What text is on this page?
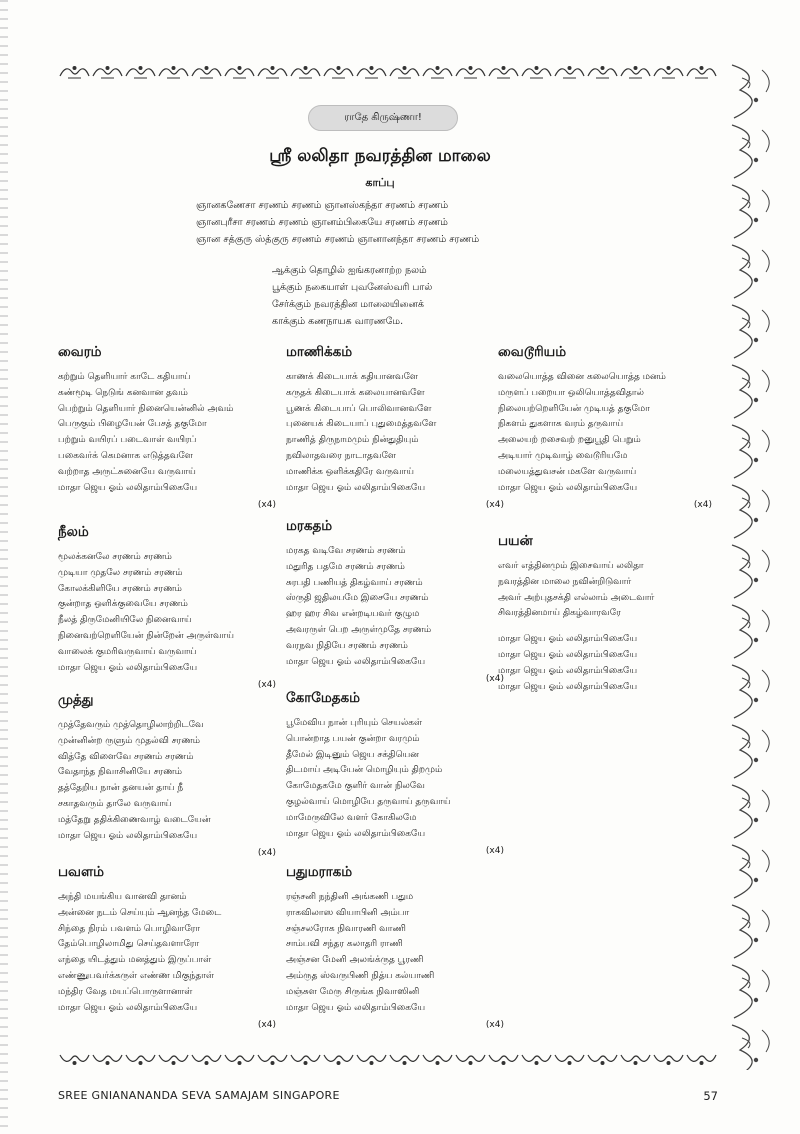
ராதே கிருஷ்ணா!
ஸ்ரீ லலிதா நவரத்தின மாலை
காப்பு
ஞானகணேசா சரணம் சரணம் ஞானஸ்கந்தா சரணம் சரணம்
ஞானபுரீசா சரணம் சரணம் ஞானம்பிகையே சரணம் சரணம்
ஞான சத்குரு ஸ்த்குரு சரணம் சரணம் ஞானானந்தா சரணம் சரணம்
ஆக்கும் தொழில் ஐங்கரனாற்ற நலம்
பூக்கும் நகையாள் புவனேஸ்வரி பால்
சேர்க்கும் நவரத்தின மாலையினைக்
காக்கும் கணநாயக வாரணமே.
வைரம்
கற்றும் தெளியார் காடே கதியாய்
கண்மூடி நெடுங் கனவான தவம்
பெற்றும் தெளியார் நினையென்னில் அவம்
பெருகும் பிழையேன் பேசத் தகுமோ
பற்றும் வயிரப் படைவாள் வயிரப்
பகைவர்க் கெமனாக எடுத்தவளே
வற்றாத அருட்சுனையே வருவாய்
மாதா ஜெய ஓம் லலிதாம்பிகையே
(x4)
நீலம்
மூலக்கனலே சரணம் சரணம்
முடியா முதலே சரணம் சரணம்
கோலக்கிளியே சரணம் சரணம்
குன்றாத ஒளிக்குவையே சரணம்
நீலத் திருமேனியிலே நினைவாய்
நினைவற்றெளியேன் நின்றேன் அருள்வாய்
வாலைக் குமரிவருவாய் வருவாய்
மாதா ஜெய ஓம் லலிதாம்பிகையே
(x4)
முத்து
முத்தேவரும் முத்தொழிலாற்றிடவே
முன்னின்ற ருளும் முதல்வி சரணம்
வித்தே விளைவே சரணம் சரணம்
வேதாந்த நிவாசினியே சரணம்
தத்தேறிய நான் தனயன் தாய் நீ
சகாதவரும் தாலே வருவாய்
மத்தேறு ததிக்கிணைவாழ் வடையேன்
மாதா ஜெய ஓம் லலிதாம்பிகையே
(x4)
பவளம்
அந்தி மயங்கிய வானவி தானம்
அன்னை நடம் செய்யும் ஆனந்த மேடை
சிந்தை நிரம் பவளம் பொழிவாரோ
தேம்பொழிலாமிது செய்தவளாரோ
எந்தை யிடத்தும் மனத்தும் இருப்பாள்
எண்ணுபவர்க்கருள் எண்ண மிகுந்தாள்
மந்திர வேத மயப்பொருளானாள்
மாதா ஜெய ஓம் லலிதாம்பிகையே
(x4)
மாணிக்கம்
காணக் கிடையாக் கதியானவளே
கருதக் கிடையாக் கலையானவளே
பூணக் கிடையாப் பொலிவானவளே
புனையக் கிடையாப் புதுமைத்தவளே
நாணித் திருநாமமும் நின்துதியும்
நவிலாதவரை நாடாதவளே
மாணிக்க ஒளிக்கதிரே வருவாய்
மாதா ஜெய ஓம் லலிதாம்பிகையே
(x4)
மரகதம்
மரகத வடிவே சரணம் சரணம்
மதுரித பதமே சரணம் சரணம்
சுரபதி பணியத் திகழ்வாய் சரணம்
ஸ்ருதி ஜதிலயமே இசையே சரணம்
ஹர ஹர சிவ என்றடியவர் குழும
அவரருள் பெற அருள்முதே சரணம்
வரநவ நிதியே சரணம் சரணம்
மாதா ஜெய ஓம் லலிதாம்பிகையே
(x4)
கோமேதகம்
பூமேவிய நான் புரியும் செயல்கள்
பொன்றாத பயன் குன்றா வரமும்
தீமேல் இடினும் ஜெய சக்தியென
திடமாய் அடியேன் மொழியும் திறமும்
கோமேதகமே குளிர் வான் நிலவே
குழல்வாய் மொழியே தருவாய் தருவாய்
மாமேருவிலே வளர் கோகிலமே
மாதா ஜெய ஓம் லலிதாம்பிகையே
(x4)
பதுமராகம்
ரஞ்சனி நந்தினி அங்கணி பதும
ராகவிலாஸ வியாபினி அம்பா
சஞ்சலரோக நிவாரணி வாணி
சாம்பவி சந்தர கலாதரி ராணி
அஞ்சன மேனி அலங்க்ருத பூரணி
அம்ருத ஸ்வருபிணி நித்ய கல்யாணி
மஞ்சுள மேரு சிருங்க நிவாஸினி
மாதா ஜெய ஓம் லலிதாம்பிகையே
(x4)
வைடூரியம்
வலையொத்த வினை கலையொத்த மனம்
மருளப் பறையா ஒலியொத்தவிதால்
நிலையற்றெளியேன் முடியத் தகுமோ
நிகளம் துகளாக வரம் தருவாய்
அலையற் றசைவற் றனுபூதி பெறும்
அடியார் முடிவாழ் வைடூரியமே
மலையத்துவசன் மகளே வருவாய்
மாதா ஜெய ஓம் லலிதாம்பிகையே
(x4)
பயன்
எவர் எத்தினமும் இசைவாய் லலிதா
நவரத்தின மாலை நவின்றிடுவார்
அவர் அற்புதசக்தி எல்லாம் அடைவார்
சிவரத்தினமாய் திகழ்வாரவரே
மாதா ஜெய ஓம் லலிதாம்பிகையே
மாதா ஜெய ஓம் லலிதாம்பிகையே
மாதா ஜெய ஓம் லலிதாம்பிகையே
மாதா ஜெய ஓம் லலிதாம்பிகையே
SREE GNIANANANDA SEVA SAMAJAM SINGAPORE	57
